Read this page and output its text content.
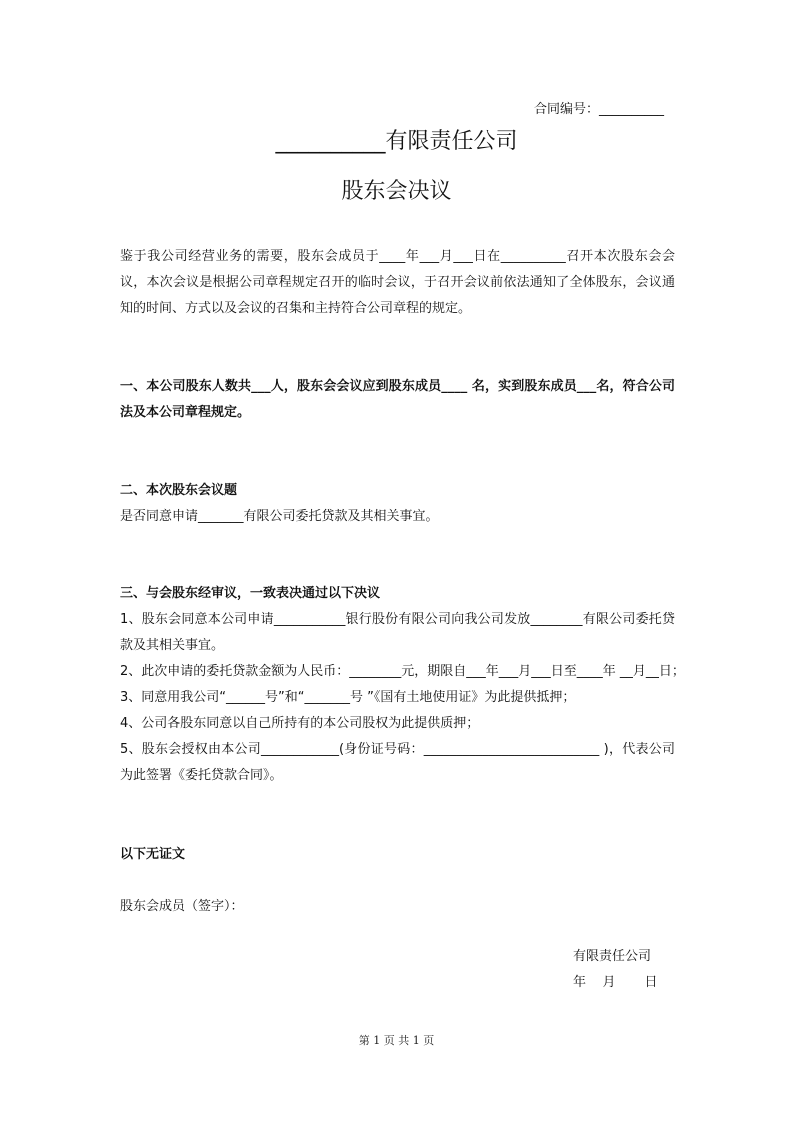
合同编号：__________
__________有限责任公司
股东会决议
鉴于我公司经营业务的需要，股东会成员于____年___月___日在__________召开本次股东会会议，本次会议是根据公司章程规定召开的临时会议，于召开会议前依法通知了全体股东，会议通知的时间、方式以及会议的召集和主持符合公司章程的规定。
一、本公司股东人数共___人，股东会会议应到股东成员____ 名，实到股东成员___名，符合公司法及本公司章程规定。
二、本次股东会议题
是否同意申请_______有限公司委托贷款及其相关事宜。
三、与会股东经审议，一致表决通过以下决议
1、股东会同意本公司申请___________银行股份有限公司向我公司发放________有限公司委托贷款及其相关事宜。
2、此次申请的委托贷款金额为人民币：________元，期限自___年___月___日至____年 __月__日；
3、同意用我公司“______号”和“_______号 ”《国有土地使用证》为此提供抵押；
4、公司各股东同意以自己所持有的本公司股权为此提供质押；
5、股东会授权由本公司____________(身份证号码：___________________________ )，代表公司为此签署《委托贷款合同》。
以下无证文
股东会成员（签字）：
有限责任公司
年    月       日
第 1 页 共 1 页
